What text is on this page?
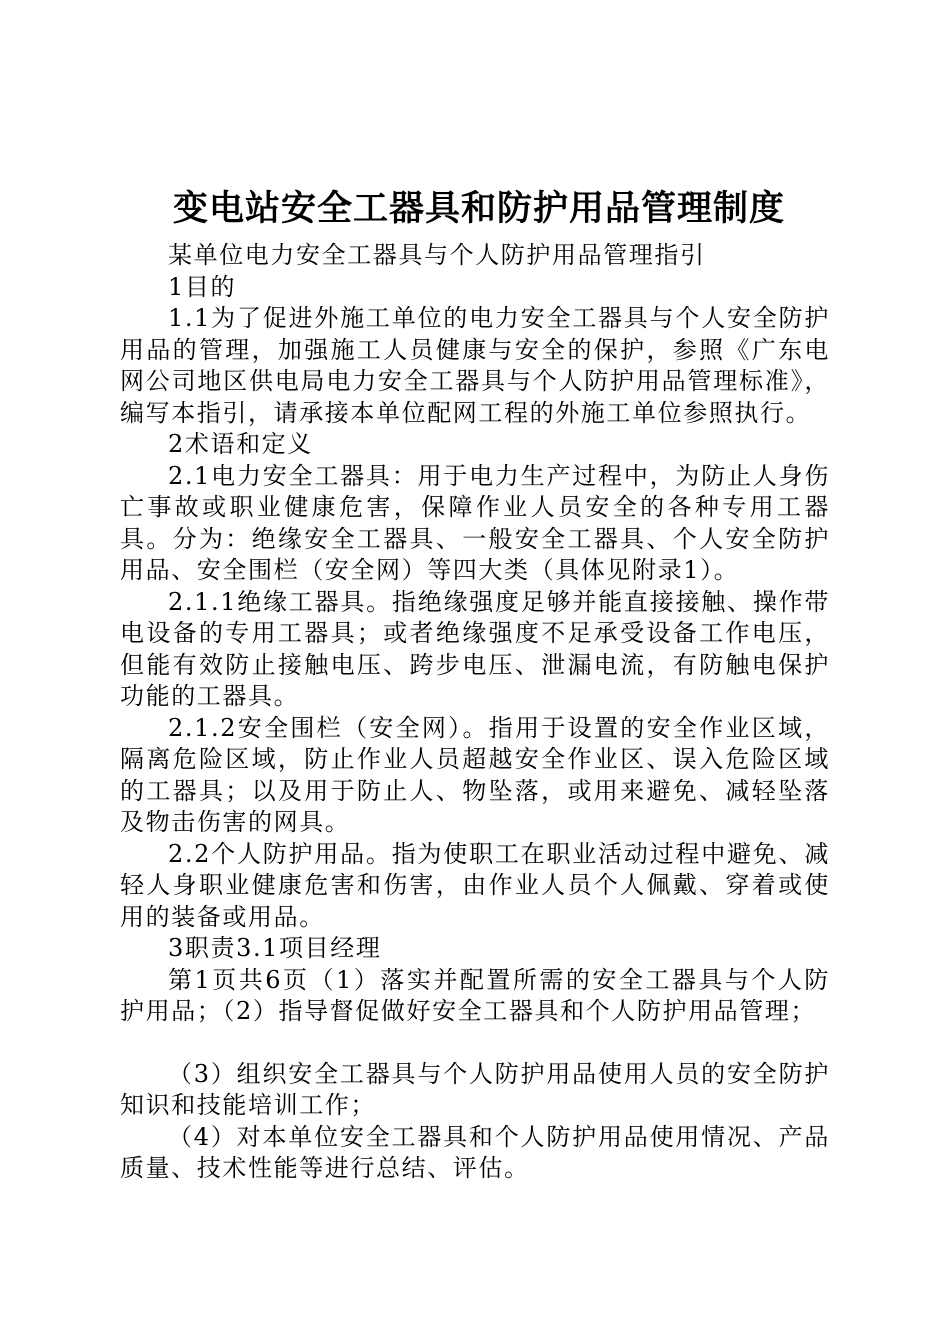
变电站安全工器具和防护用品管理制度

某单位电力安全工器具与个人防护用品管理指引

1目的

1.1为了促进外施工单位的电力安全工器具与个人安全防护用品的管理，加强施工人员健康与安全的保护，参照《广东电网公司地区供电局电力安全工器具与个人防护用品管理标准》，编写本指引，请承接本单位配网工程的外施工单位参照执行。

2术语和定义

2.1电力安全工器具：用于电力生产过程中，为防止人身伤亡事故或职业健康危害，保障作业人员安全的各种专用工器具。分为：绝缘安全工器具、一般安全工器具、个人安全防护用品、安全围栏（安全网）等四大类（具体见附录1）。

2.1.1绝缘工器具。指绝缘强度足够并能直接接触、操作带电设备的专用工器具；或者绝缘强度不足承受设备工作电压，但能有效防止接触电压、跨步电压、泄漏电流，有防触电保护功能的工器具。

2.1.2安全围栏（安全网）。指用于设置的安全作业区域，隔离危险区域，防止作业人员超越安全作业区、误入危险区域的工器具；以及用于防止人、物坠落，或用来避免、减轻坠落及物击伤害的网具。

2.2个人防护用品。指为使职工在职业活动过程中避免、减轻人身职业健康危害和伤害，由作业人员个人佩戴、穿着或使用的装备或用品。

3职责3.1项目经理

第1页共6页（1）落实并配置所需的安全工器具与个人防护用品；（2）指导督促做好安全工器具和个人防护用品管理；

（3）组织安全工器具与个人防护用品使用人员的安全防护知识和技能培训工作；

（4）对本单位安全工器具和个人防护用品使用情况、产品质量、技术性能等进行总结、评估。
